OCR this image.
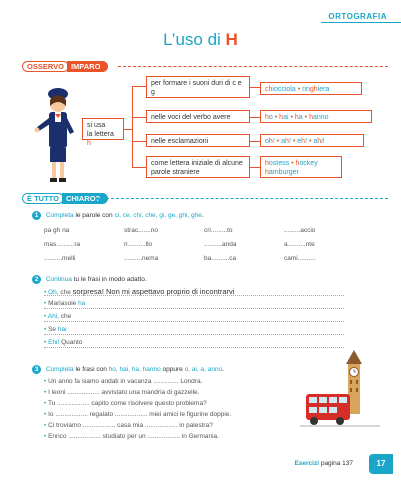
ORTOGRAFIA
L’uso di H
OSSERVO IMPARO
si usa
la lettera h
per formare i suoni duri di c e g
nelle voci del verbo avere
nelle esclamazioni
come lettera iniziale di alcune parole straniere
chiocciola • ringhiera
ho • hai • ha • hanno
oh! • ah! • eh! • ahi!
hostess • hockey
hamburger
È TUTTO CHIARO?
1 Completa le parole con ci, ce, chi, che, gi, ge, ghi, ghe.
pa gh na	strac.......no	cri.........to	.........accio
mas..........ra	ri..........llo	..........anda	a..........nte
..........melli	..........nema	ba..........ca	cami..........
2 Continua tu le frasi in modo adatto.
• Oh, che sorpresa! Non mi aspettavo proprio di incontrarvi
• Mariasole ha
• Ahi, che
• Se hai
• Ehi! Quanto
3 Completa le frasi con ho, hai, ha, hanno oppure o, ai, a, anno.
• Un anno fa siamo andati in vacanza .............. Londra.
• I leoni .................. avvistato una mandria di gazzelle.
• Tu .................. capito come risolvere questo problema?
• Io .................. regalato .................. miei amici le figurine doppie.
• Ci troviamo .................. casa mia .................. in palestra?
• Enrico .................. studiato per un .................. in Germania.
Esercizi pagina 137	17
